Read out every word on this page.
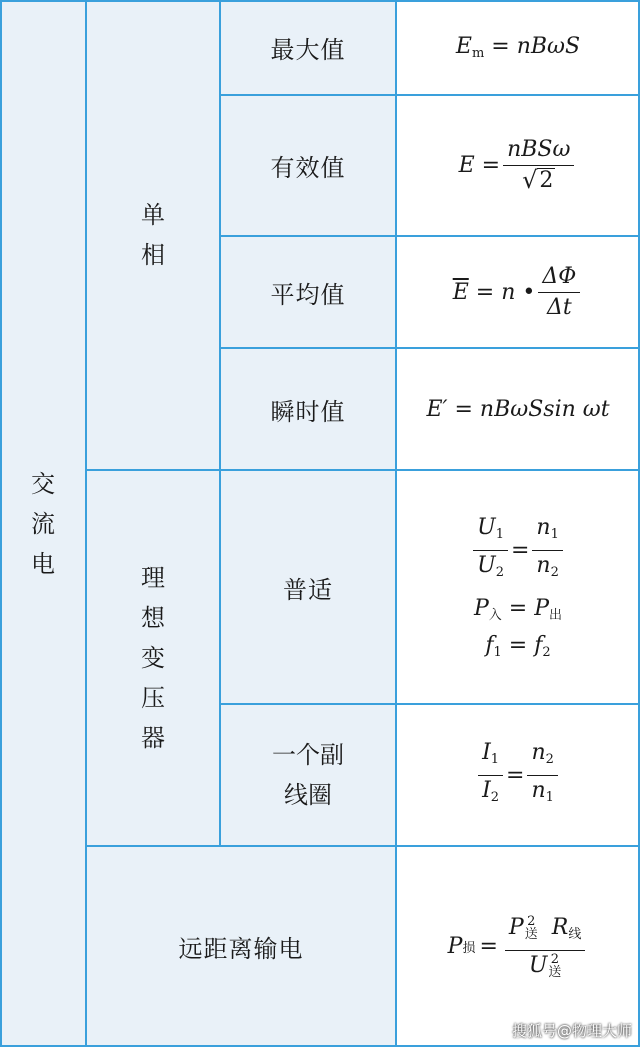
交
流
电
单
相
理
想
变
压
器
最大值
有效值
平均值
瞬时值
普适
一个副
线圈
远距离输电
$E_m = nB\omega S$
$E = \frac{\text{nBSω}}{√ 2}$
$\overline{E}$
= n • $\frac{\Delta\Phi}{\Delta t}$
E′ = nBωSsin ωt
$\frac{U_1}{U_2} = \frac{n_1}{n_2}$
$P_入 = P_出$
$f_1 = f_2$
$\frac{I_1}{I_2} = \frac{n_2}{n_1}$
P 损 = P 2
送 $R_线$
U 2
送
搜狐号@物理大师
